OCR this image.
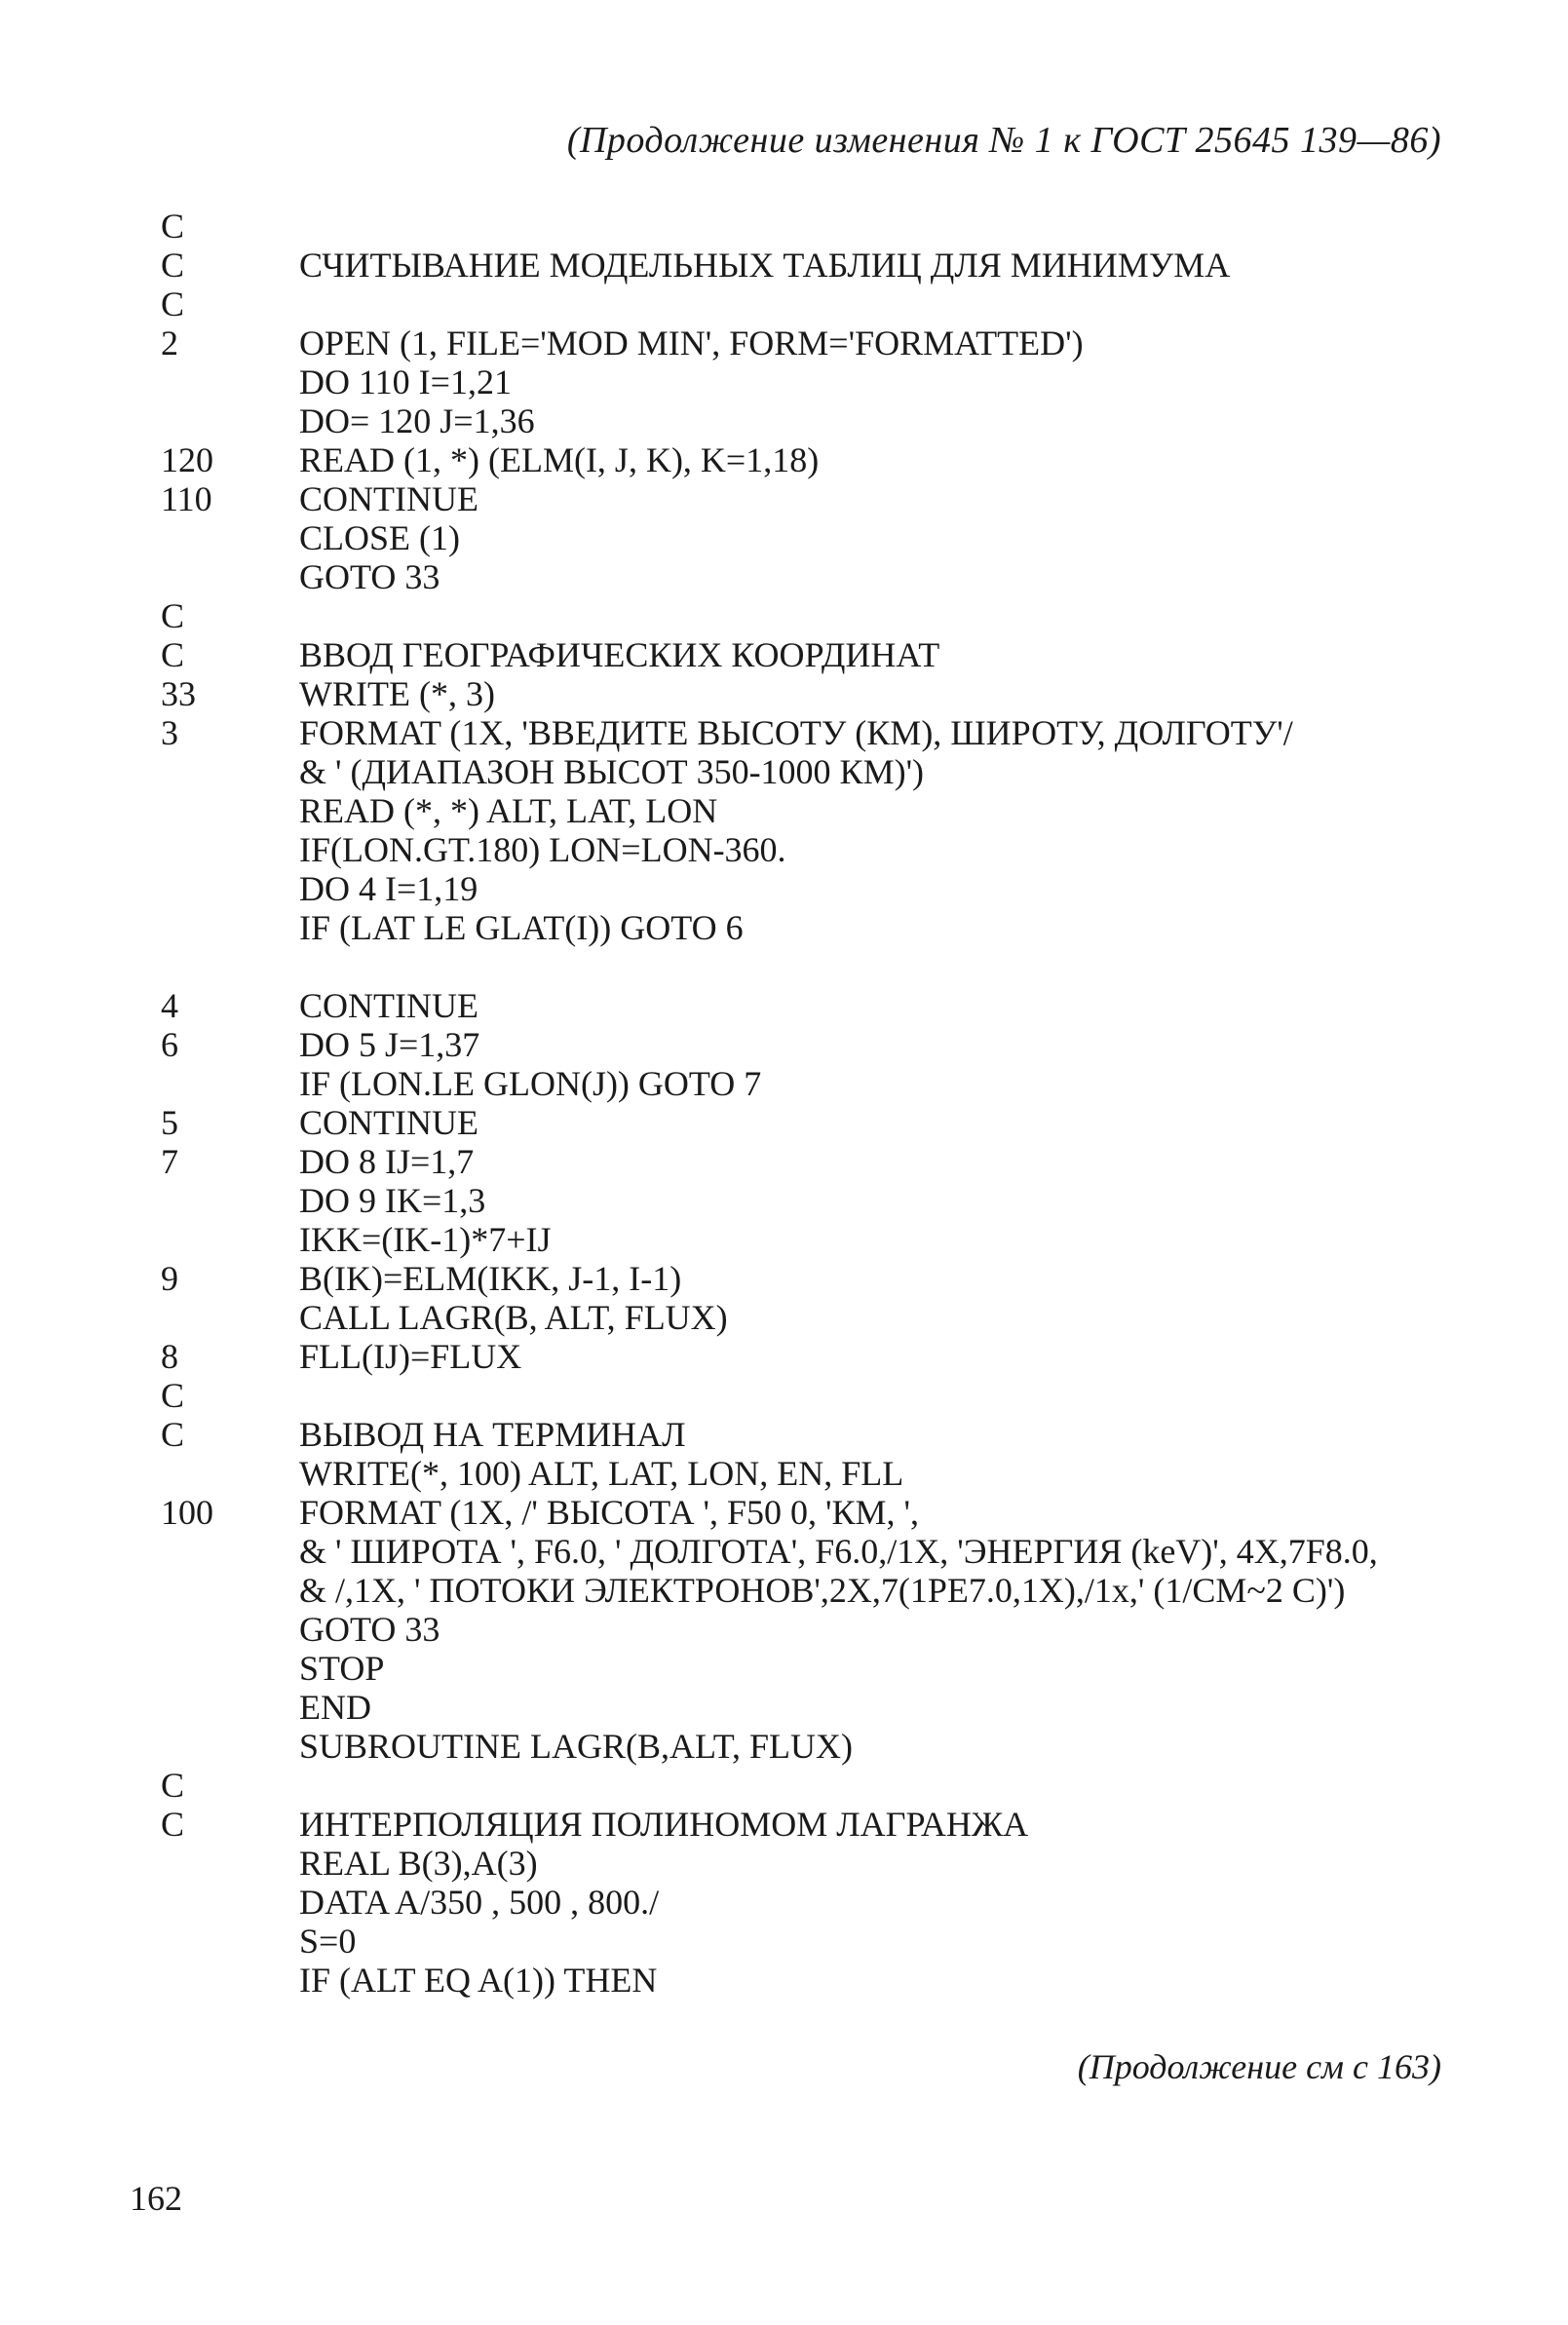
(Продолжение изменения № 1 к ГОСТ 25645 139—86)
C
C	СЧИТЫВАНИЕ МОДЕЛЬНЫХ ТАБЛИЦ ДЛЯ МИНИМУМА
C
2	OPEN (1, FILE='MOD MIN', FORM='FORMATTED')
DO 110 I=1,21
DO= 120 J=1,36
120 READ (1, *) (ELM(I, J, K), K=1,18)
110 CONTINUE
CLOSE (1)
GOTO 33
C
C	ВВОД ГЕОГРАФИЧЕСКИХ КООРДИНАТ
33	WRITE (*, 3)
3	FORMAT (1X, 'ВВЕДИТЕ ВЫСОТУ (КМ), ШИРОТУ, ДОЛГОТУ'/
& ' (ДИАПАЗОН ВЫСОТ 350-1000 КМ)')
READ (*, *) ALT, LAT, LON
IF(LON.GT.180) LON=LON-360.
DO 4 I=1,19
IF (LAT LE GLAT(I)) GOTO 6
4	CONTINUE
6	DO 5 J=1,37
IF (LON.LE GLON(J)) GOTO 7
5	CONTINUE
7	DO 8 IJ=1,7
DO 9 IK=1,3
IKK=(IK-1)*7+IJ
9	B(IK)=ELM(IKK, J-1, I-1)
CALL LAGR(B, ALT, FLUX)
8	FLL(IJ)=FLUX
C
C	ВЫВОД НА ТЕРМИНАЛ
WRITE(*, 100) ALT, LAT, LON, EN, FLL
100 FORMAT (1X, /' ВЫСОТА ', F50 0, 'КМ, ',
& ' ШИРОТА ', F6.0, ' ДОЛГОТА', F6.0,/1X, 'ЭНЕРГИЯ (keV)', 4X,7F8.0,
& /,1X, ' ПОТОКИ ЭЛЕКТРОНОВ',2X,7(1PE7.0,1X),/1x,' (1/CM~2 C)')
GOTO 33
STOP
END
SUBROUTINE LAGR(B,ALT, FLUX)
C
C	ИНТЕРПОЛЯЦИЯ ПОЛИНОМОМ ЛАГРАНЖА
REAL B(3),A(3)
DATA A/350 , 500 , 800./
S=0
IF (ALT EQ A(1)) THEN
(Продолжение см с 163)
162
